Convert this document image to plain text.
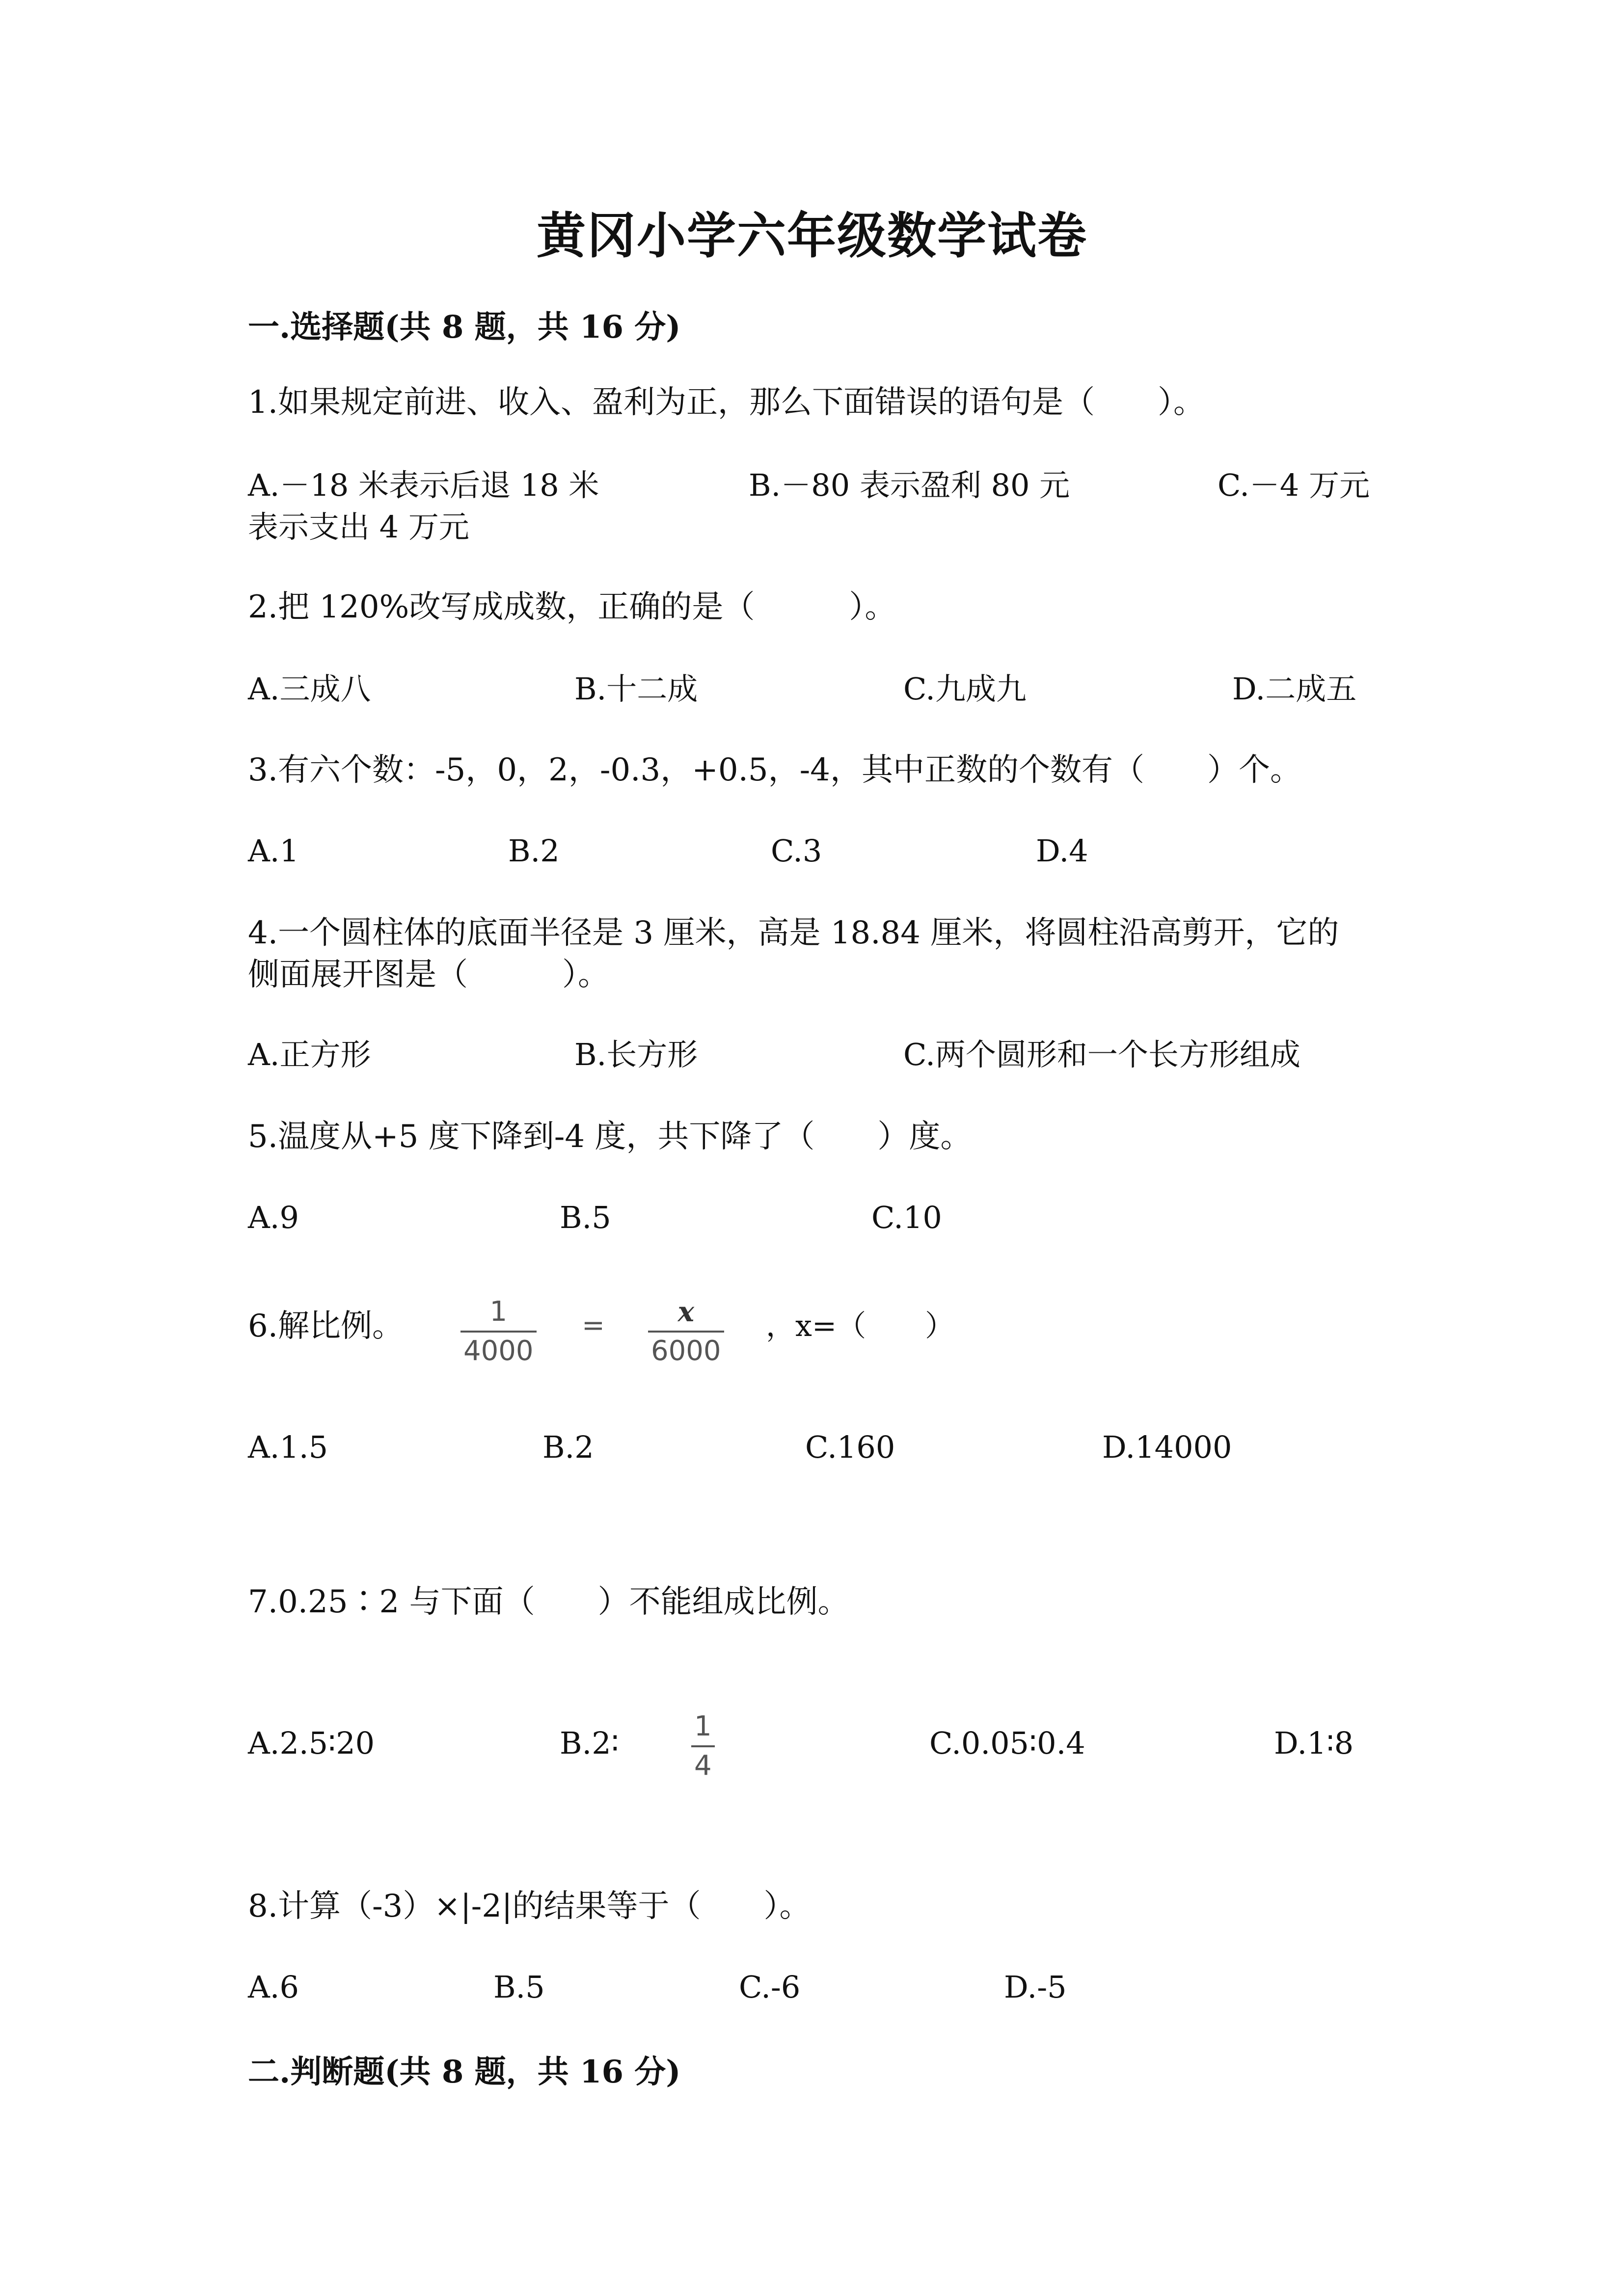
黄冈小学六年级数学试卷
一.选择题(共 8 题，共 16 分)
1.如果规定前进、收入、盈利为正，那么下面错误的语句是（　　）。
A.－18 米表示后退 18 米	B.－80 表示盈利 80 元	C.－4 万元
表示支出 4 万元
2.把 120%改写成成数，正确的是（　　　）。
A.三成八	B.十二成	C.九成九	D.二成五
3.有六个数：-5，0，2，-0.3，+0.5，-4，其中正数的个数有（　　）个。
A.1	B.2	C.3	D.4
4.一个圆柱体的底面半径是 3 厘米，高是 18.84 厘米，将圆柱沿高剪开，它的
侧面展开图是（　　　）。
A.正方形	B.长方形	C.两个圆形和一个长方形组成
5.温度从+5 度下降到-4 度，共下降了（　　）度。
A.9	B.5	C.10
6.解比例。	1
4000
=	x
6000
，x=（　　）
A.1.5	B.2	C.160	D.14000
7.0.25∶2 与下面（　　）不能组成比例。
A.2.5∶20	B.2∶	1
4
C.0.05∶0.4	D.1∶8
8.计算（-3）×|-2|的结果等于（　　）。
A.6	B.5	C.-6	D.-5
二.判断题(共 8 题，共 16 分)
